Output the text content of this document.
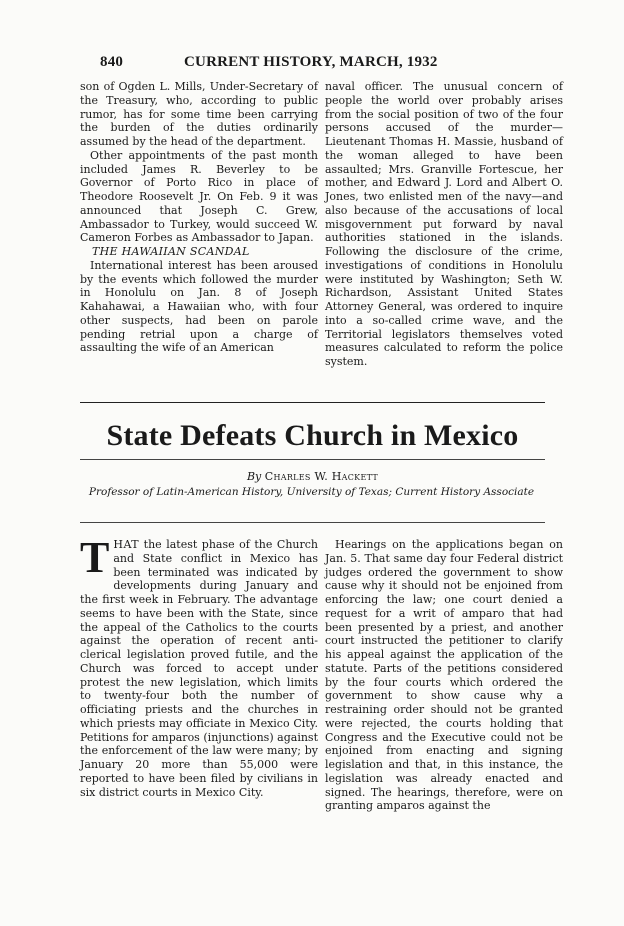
840	CURRENT HISTORY, MARCH, 1932

son of Ogden L. Mills, Under-Secretary of the Treasury, who, according to public rumor, has for some time been carrying the burden of the duties ordinarily assumed by the head of the department.

Other appointments of the past month included James R. Beverley to be Governor of Porto Rico in place of Theodore Roosevelt Jr. On Feb. 9 it was announced that Joseph C. Grew, Ambassador to Turkey, would succeed W. Cameron Forbes as Ambassador to Japan.

THE HAWAIIAN SCANDAL

International interest has been aroused by the events which followed the murder in Honolulu on Jan. 8 of Joseph Kahahawai, a Hawaiian who, with four other suspects, had been on parole pending retrial upon a charge of assaulting the wife of an American

naval officer. The unusual concern of people the world over probably arises from the social position of two of the four persons accused of the murder—Lieutenant Thomas H. Massie, husband of the woman alleged to have been assaulted; Mrs. Granville Fortescue, her mother, and Edward J. Lord and Albert O. Jones, two enlisted men of the navy—and also because of the accusations of local misgovernment put forward by naval authorities stationed in the islands. Following the disclosure of the crime, investigations of conditions in Honolulu were instituted by Washington; Seth W. Richardson, Assistant United States Attorney General, was ordered to inquire into a so-called crime wave, and the Territorial legislators themselves voted measures calculated to reform the police system.

State Defeats Church in Mexico

By Charles W. Hackett

Professor of Latin-American History, University of Texas; Current History Associate

THAT the latest phase of the Church and State conflict in Mexico has been terminated was indicated by developments during January and the first week in February. The advantage seems to have been with the State, since the appeal of the Catholics to the courts against the operation of recent anti-clerical legislation proved futile, and the Church was forced to accept under protest the new legislation, which limits to twenty-four both the number of officiating priests and the churches in which priests may officiate in Mexico City. Petitions for amparos (injunctions) against the enforcement of the law were many; by January 20 more than 55,000 were reported to have been filed by civilians in six district courts in Mexico City.

Hearings on the applications began on Jan. 5. That same day four Federal district judges ordered the government to show cause why it should not be enjoined from enforcing the law; one court denied a request for a writ of amparo that had been presented by a priest, and another court instructed the petitioner to clarify his appeal against the application of the statute. Parts of the petitions considered by the four courts which ordered the government to show cause why a restraining order should not be granted were rejected, the courts holding that Congress and the Executive could not be enjoined from enacting and signing legislation and that, in this instance, the legislation was already enacted and signed. The hearings, therefore, were on granting amparos against the
